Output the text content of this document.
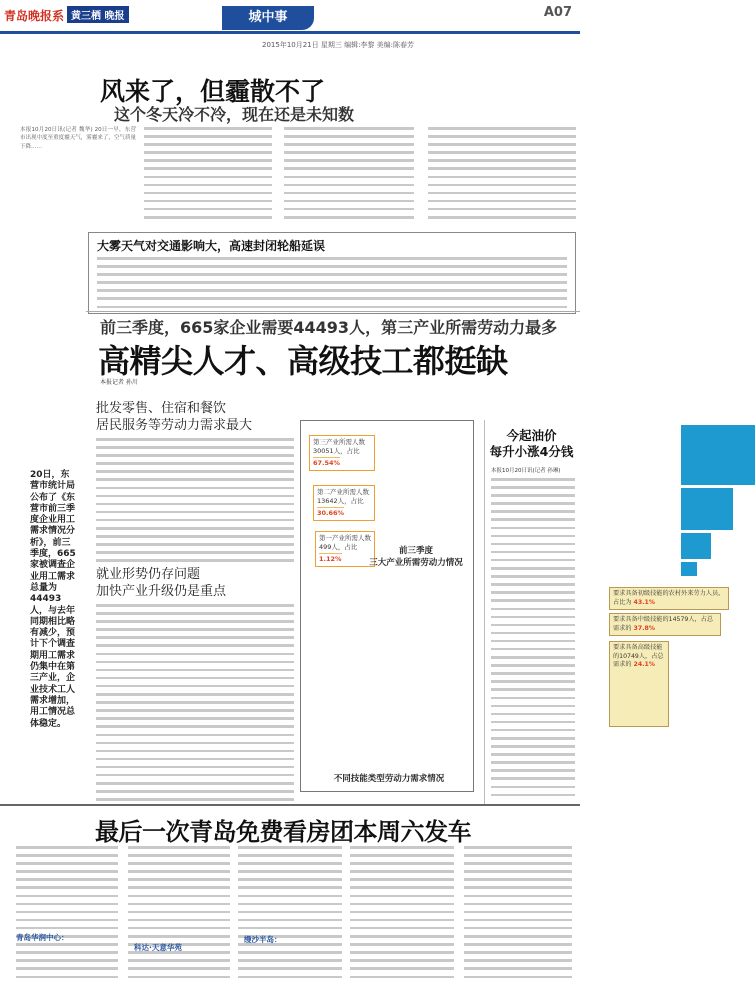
青岛晚报系 黄三栖 晚报	城中事	A07
2015年10月21日 星期三 编辑:李黎 美编:陈春芳
风来了，但霾散不了
这个冬天冷不冷，现在还是未知数
本报10月20日讯(记者 魏华) 20日一早，东营市出现中度至重度霾天气，雾霾来了，空气质量下降……
大雾天气对交通影响大，高速封闭轮船延误
前三季度，665家企业需要44493人，第三产业所需劳动力最多
高精尖人才、高级技工都挺缺
本报记者 孙川
20日，东营市统计局公布了《东营市前三季度企业用工需求情况分析》，前三季度，665家被调查企业用工需求总量为44493人，与去年同期相比略有减少，预计下个调查期用工需求仍集中在第三产业，企业技术工人需求增加，用工情况总体稳定。
批发零售、住宿和餐饮
居民服务等劳动力需求最大
就业形势仍存问题
加快产业升级仍是重点
第三产业所需人数30051人，占比
67.54%
第二产业所需人数13642人，占比
30.66%
第一产业所需人数499人，占比
1.12%
前三季度
三大产业所需劳动力情况
要求具备初级技能的农村外来劳力人员，占比为 43.1%
要求具备中级技能的14579人，占总需求的 37.8%
要求具备高级技能的10749人，占总需求的 24.1%
不同技能类型劳动力需求情况
今起油价
每升小涨4分钱
本报10月20日讯(记者 孙琳)
最后一次青岛免费看房团本周六发车
青岛华润中心：
科达·天意华苑
缦沙半岛：
